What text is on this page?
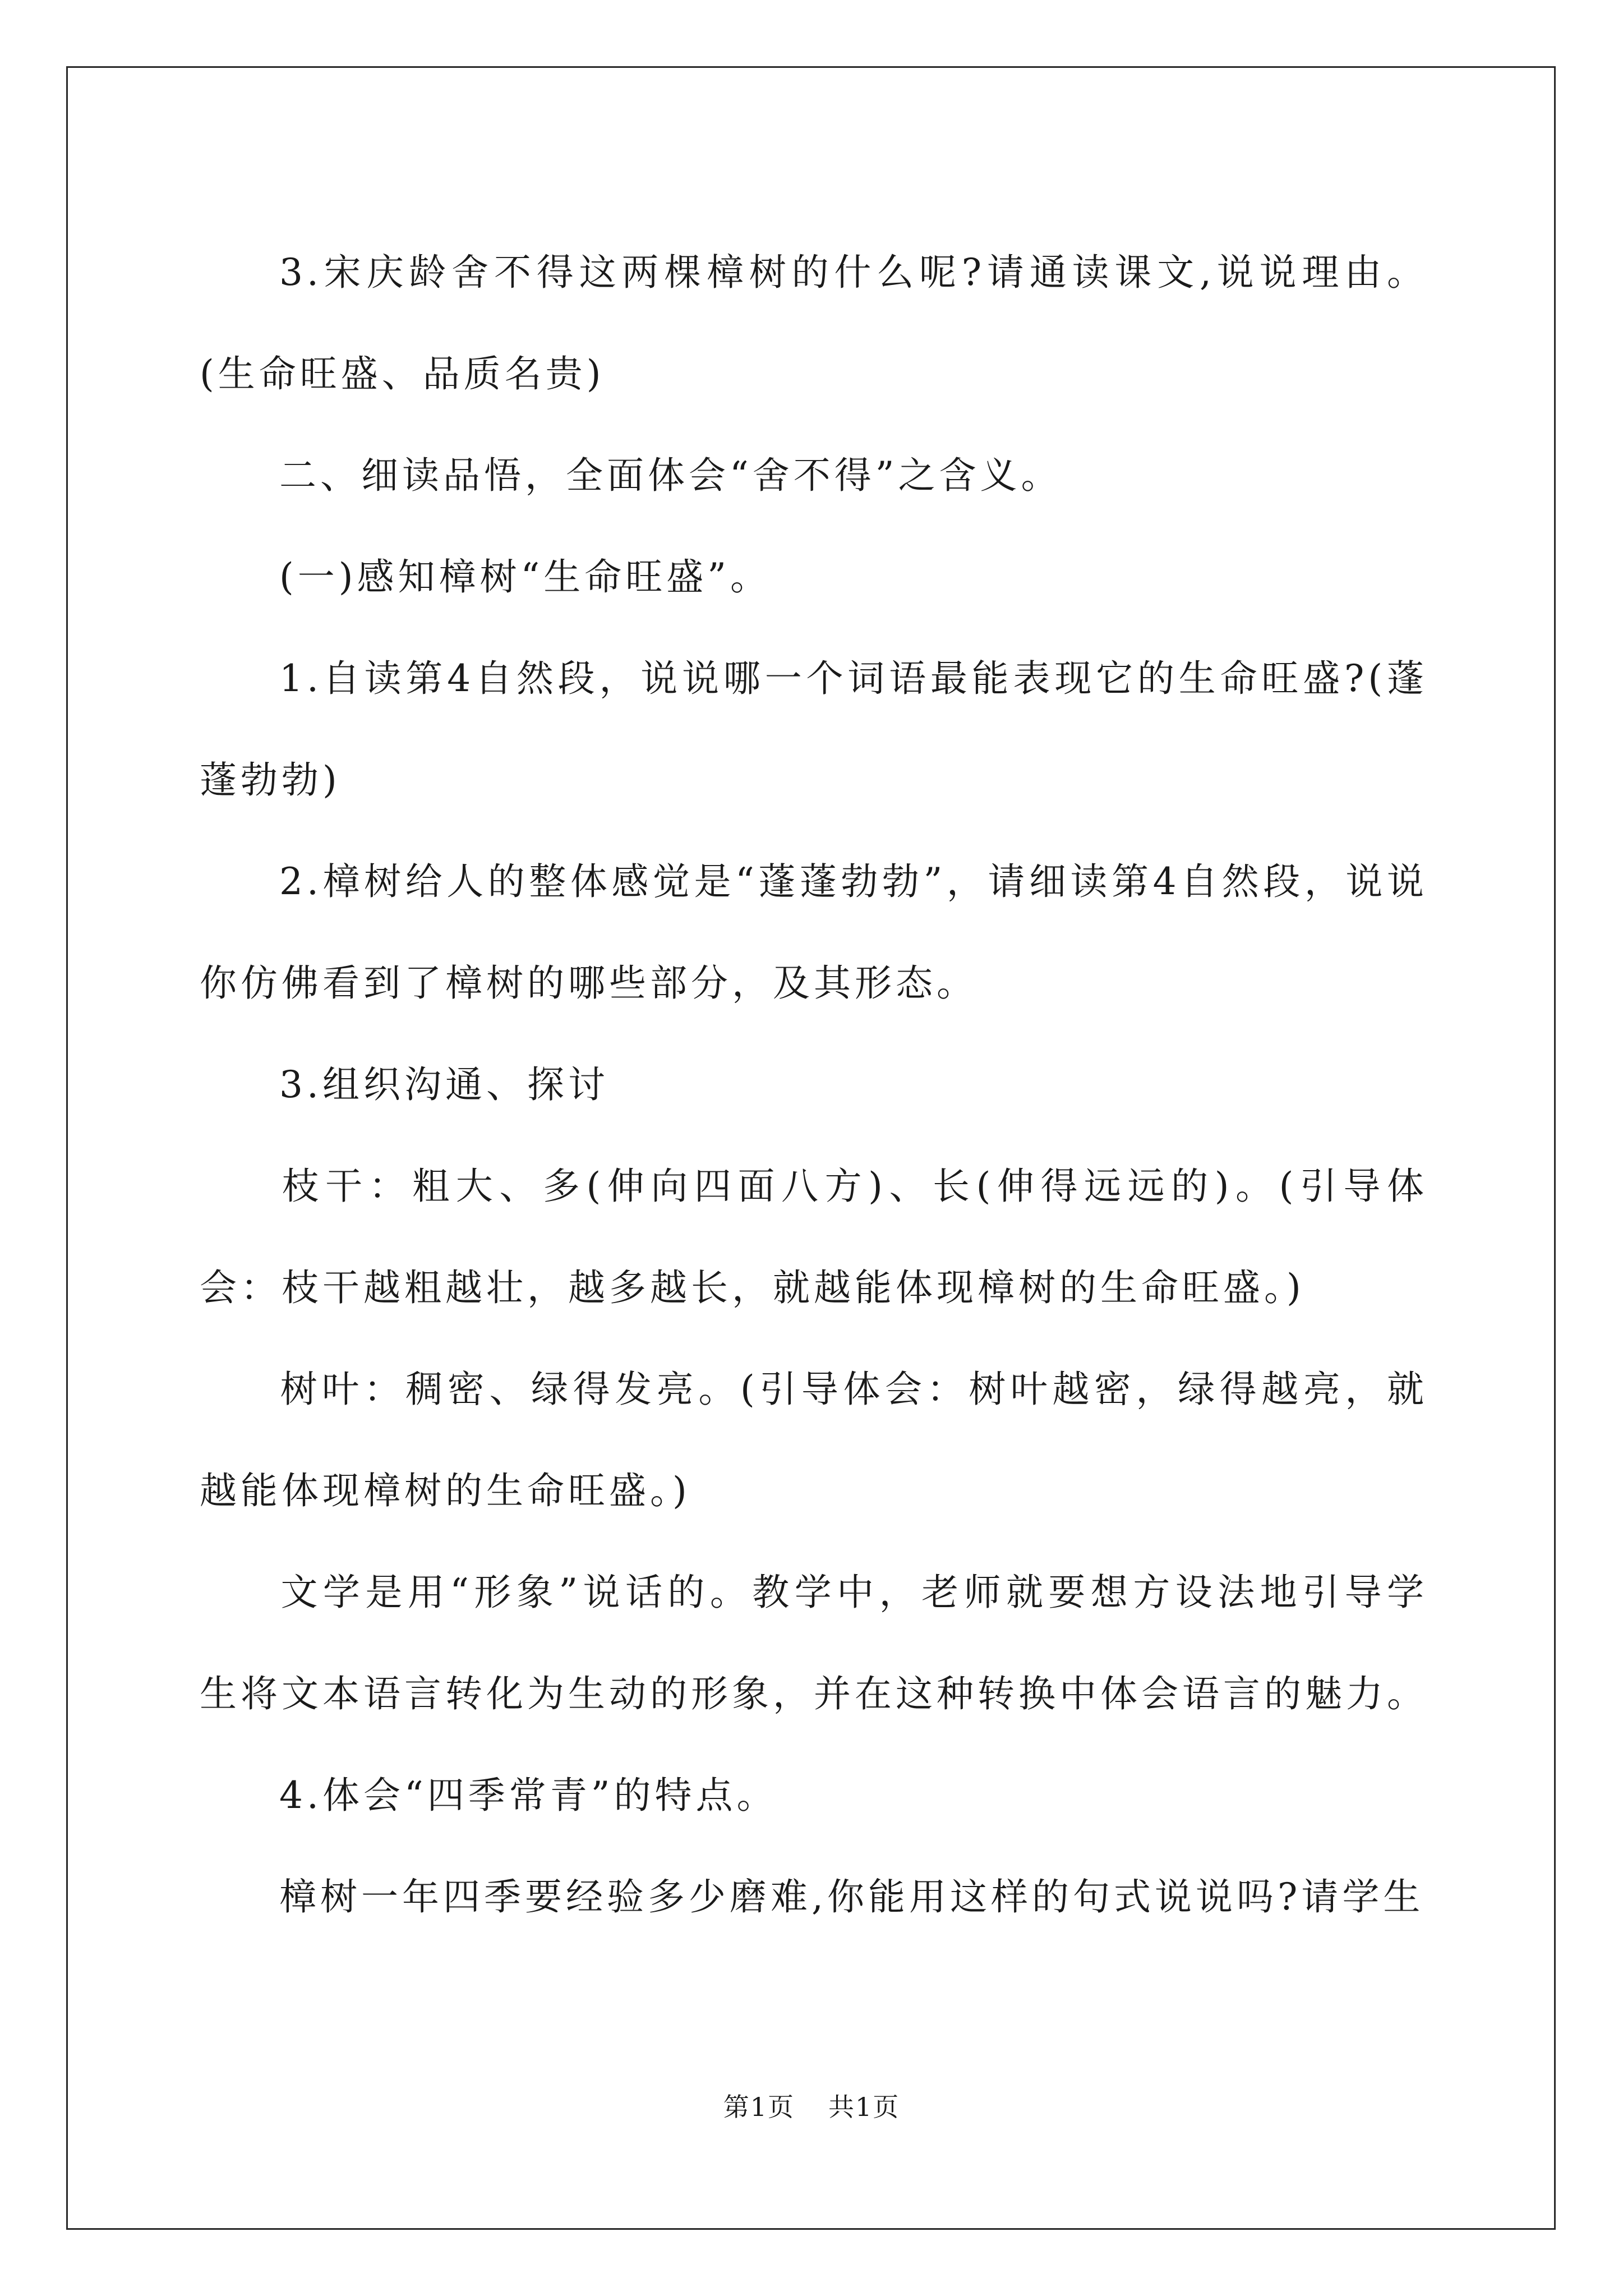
3.宋庆龄舍不得这两棵樟树的什么呢?请通读课文,说说理由。(生命旺盛、品质名贵)

二、细读品悟，全面体会“舍不得”之含义。

(一)感知樟树“生命旺盛”。

1.自读第4自然段，说说哪一个词语最能表现它的生命旺盛?(蓬蓬勃勃)

2.樟树给人的整体感觉是“蓬蓬勃勃”，请细读第4自然段，说说你仿佛看到了樟树的哪些部分，及其形态。

3.组织沟通、探讨

枝干：粗大、多(伸向四面八方)、长(伸得远远的)。(引导体会：枝干越粗越壮，越多越长，就越能体现樟树的生命旺盛。)

树叶：稠密、绿得发亮。(引导体会：树叶越密，绿得越亮，就越能体现樟树的生命旺盛。)

文学是用“形象”说话的。教学中，老师就要想方设法地引导学生将文本语言转化为生动的形象，并在这种转换中体会语言的魅力。

4.体会“四季常青”的特点。

樟树一年四季要经验多少磨难,你能用这样的句式说说吗?请学生

第1页 共1页
